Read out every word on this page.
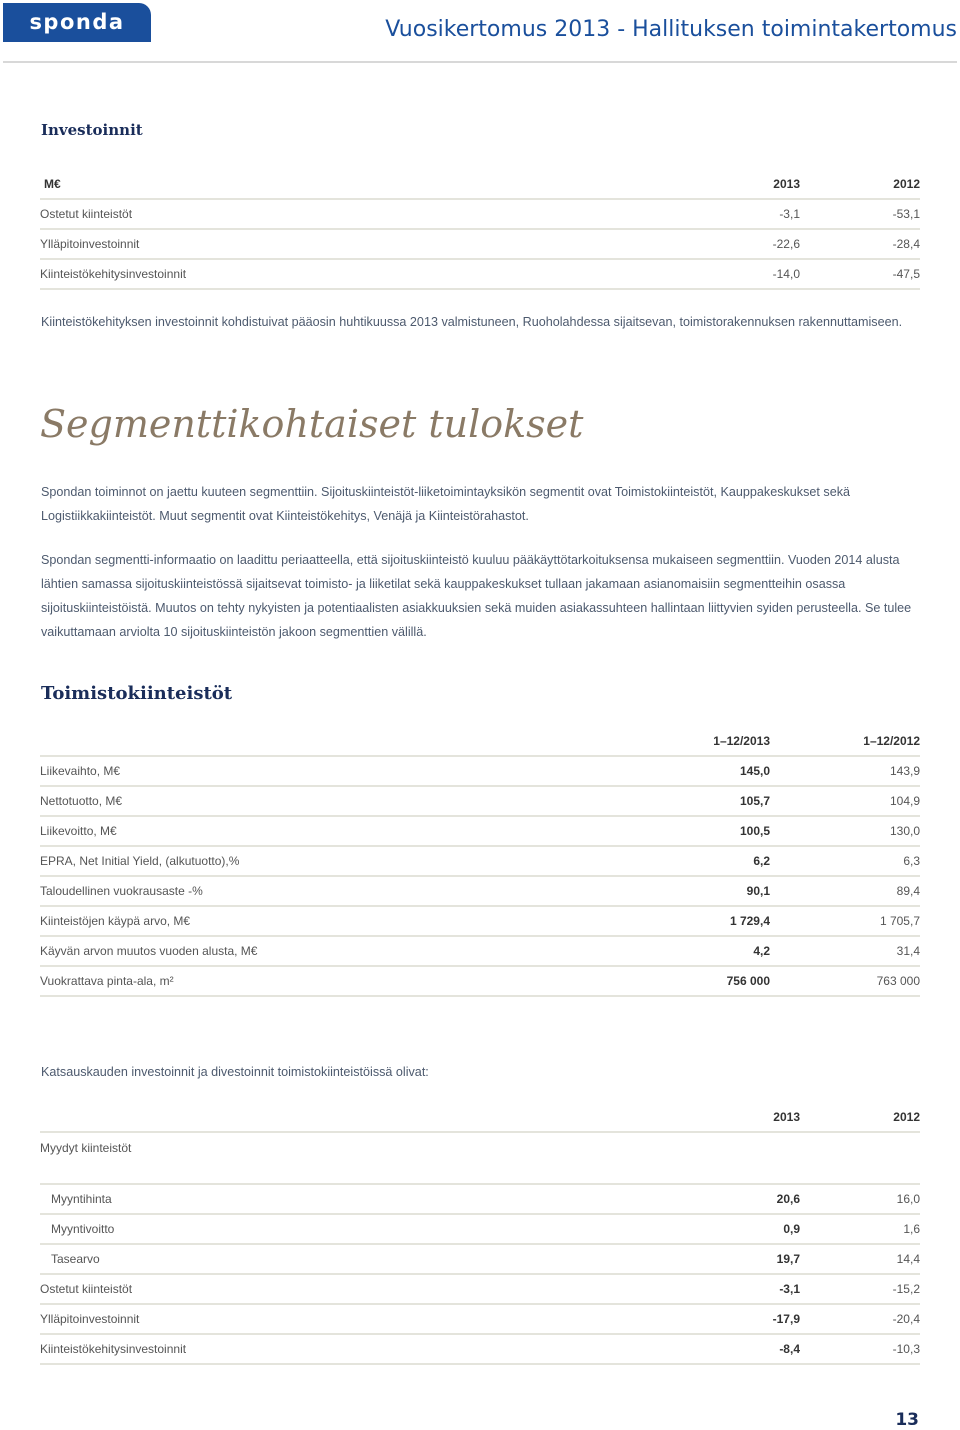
sponda	Vuosikertomus 2013 - Hallituksen toimintakertomus
Investoinnit
M€	2013	2012
Ostetut kiinteistöt	-3,1	-53,1
Ylläpitoinvestoinnit	-22,6	-28,4
Kiinteistökehitysinvestoinnit	-14,0	-47,5

Kiinteistökehityksen investoinnit kohdistuivat pääosin huhtikuussa 2013 valmistuneen, Ruoholahdessa sijaitsevan, toimistorakennuksen rakennuttamiseen.

Segmenttikohtaiset tulokset

Spondan toiminnot on jaettu kuuteen segmenttiin. Sijoituskiinteistöt-liiketoimintayksikön segmentit ovat Toimistokiinteistöt, Kauppakeskukset sekä Logistiikkakiinteistöt. Muut segmentit ovat Kiinteistökehitys, Venäjä ja Kiinteistörahastot.

Spondan segmentti-informaatio on laadittu periaatteella, että sijoituskiinteistö kuuluu pääkäyttötarkoituksensa mukaiseen segmenttiin. Vuoden 2014 alusta lähtien samassa sijoituskiinteistössä sijaitsevat toimisto- ja liiketilat sekä kauppakeskukset tullaan jakamaan asianomaisiin segmentteihin osassa sijoituskiinteistöistä. Muutos on tehty nykyisten ja potentiaalisten asiakkuuksien sekä muiden asiakassuhteen hallintaan liittyvien syiden perusteella. Se tulee vaikuttamaan arviolta 10 sijoituskiinteistön jakoon segmenttien välillä.

Toimistokiinteistöt
	1–12/2013	1–12/2012
Liikevaihto, M€	145,0	143,9
Nettotuotto, M€	105,7	104,9
Liikevoitto, M€	100,5	130,0
EPRA, Net Initial Yield, (alkutuotto),%	6,2	6,3
Taloudellinen vuokrausaste -%	90,1	89,4
Kiinteistöjen käypä arvo, M€	1 729,4	1 705,7
Käyvän arvon muutos vuoden alusta, M€	4,2	31,4
Vuokrattava pinta-ala, m²	756 000	763 000

Katsauskauden investoinnit ja divestoinnit toimistokiinteistöissä olivat:

	2013	2012
Myydyt kiinteistöt		
Myyntihinta	20,6	16,0
Myyntivoitto	0,9	1,6
Tasearvo	19,7	14,4
Ostetut kiinteistöt	-3,1	-15,2
Ylläpitoinvestoinnit	-17,9	-20,4
Kiinteistökehitysinvestoinnit	-8,4	-10,3
13
